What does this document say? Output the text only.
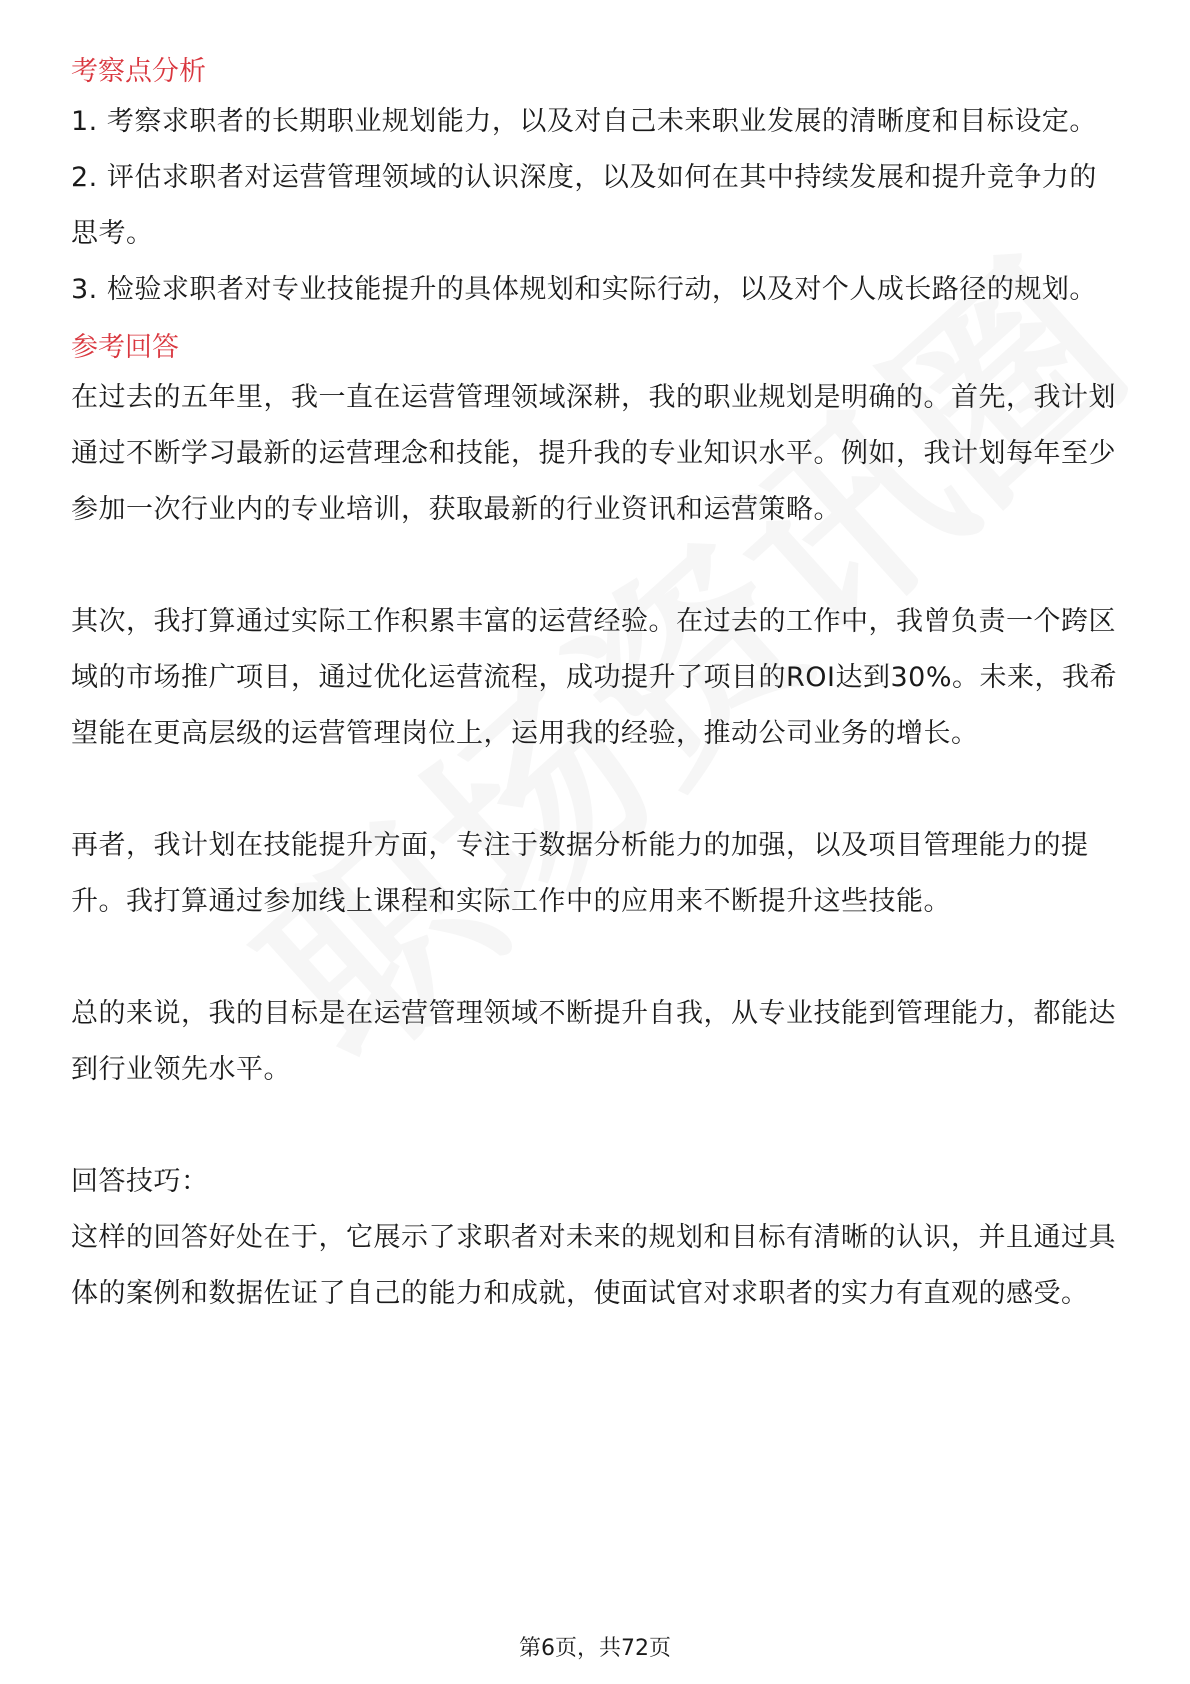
考察点分析

1. 考察求职者的长期职业规划能力，以及对自己未来职业发展的清晰度和目标设定。

2. 评估求职者对运营管理领域的认识深度，以及如何在其中持续发展和提升竞争力的思考。

3. 检验求职者对专业技能提升的具体规划和实际行动，以及对个人成长路径的规划。

参考回答

在过去的五年里，我一直在运营管理领域深耕，我的职业规划是明确的。首先，我计划通过不断学习最新的运营理念和技能，提升我的专业知识水平。例如，我计划每年至少参加一次行业内的专业培训，获取最新的行业资讯和运营策略。

其次，我打算通过实际工作积累丰富的运营经验。在过去的工作中，我曾负责一个跨区域的市场推广项目，通过优化运营流程，成功提升了项目的ROI达到30%。未来，我希望能在更高层级的运营管理岗位上，运用我的经验，推动公司业务的增长。

再者，我计划在技能提升方面，专注于数据分析能力的加强，以及项目管理能力的提升。我打算通过参加线上课程和实际工作中的应用来不断提升这些技能。

总的来说，我的目标是在运营管理领域不断提升自我，从专业技能到管理能力，都能达到行业领先水平。

回答技巧：

这样的回答好处在于，它展示了求职者对未来的规划和目标有清晰的认识，并且通过具体的案例和数据佐证了自己的能力和成就，使面试官对求职者的实力有直观的感受。

第6页，共72页
